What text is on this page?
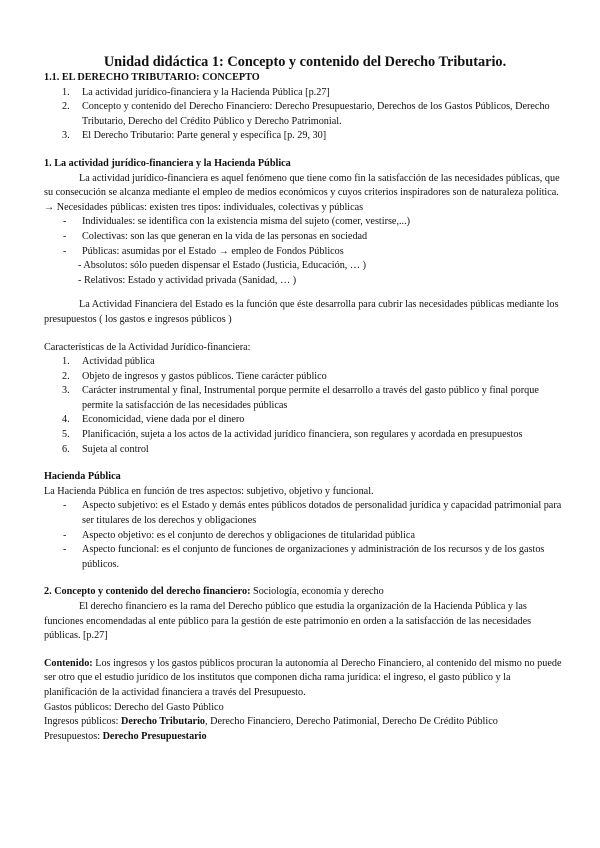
Unidad didáctica 1: Concepto y contenido del Derecho Tributario.

1.1. EL DERECHO TRIBUTARIO: CONCEPTO

1. La actividad jurídico-financiera y la Hacienda Pública [p.27]
2. Concepto y contenido del Derecho Financiero: Derecho Presupuestario, Derechos de los Gastos Públicos, Derecho Tributario, Derecho del Crédito Público y Derecho Patrimonial.
3. El Derecho Tributario: Parte general y específica [p. 29, 30]

1. La actividad jurídico-financiera y la Hacienda Pública

La actividad jurídico-financiera es aquel fenómeno que tiene como fin la satisfacción de las necesidades públicas, que su consecución se alcanza mediante el empleo de medios económicos y cuyos criterios inspiradores son de naturaleza política.

→ Necesidades públicas: existen tres tipos: individuales, colectivas y públicas

- Individuales: se identifica con la existencia misma del sujeto (comer, vestirse,...)
- Colectivas: son las que generan en la vida de las personas en sociedad
- Públicas: asumidas por el Estado → empleo de Fondos Públicos

- Absolutos: sólo pueden dispensar el Estado (Justicia, Educación, … )

- Relativos: Estado y actividad privada (Sanidad, … )

La Actividad Financiera del Estado es la función que éste desarrolla para cubrir las necesidades públicas mediante los presupuestos ( los gastos e ingresos públicos )

Características de la Actividad Jurídico-financiera:

1. Actividad pública
2. Objeto de ingresos y gastos públicos. Tiene carácter público
3. Carácter instrumental y final, Instrumental porque permite el desarrollo a través del gasto público y final porque permite la satisfacción de las necesidades públicas
4. Economicidad, viene dada por el dinero
5. Planificación, sujeta a los actos de la actividad jurídico financiera, son regulares y acordada en presupuestos
6. Sujeta al control

Hacienda Pública

La Hacienda Pública en función de tres aspectos: subjetivo, objetivo y funcional.

- Aspecto subjetivo: es el Estado y demás entes públicos dotados de personalidad jurídica y capacidad patrimonial para ser titulares de los derechos y obligaciones
- Aspecto objetivo: es el conjunto de derechos y obligaciones de titularidad pública
- Aspecto funcional: es el conjunto de funciones de organizaciones y administración de los recursos y de los gastos públicos.

2. Concepto y contenido del derecho financiero: Sociología, economía y derecho

El derecho financiero es la rama del Derecho público que estudia la organización de la Hacienda Pública y las funciones encomendadas al ente público para la gestión de este patrimonio en orden a la satisfacción de las necesidades públicas. [p.27]

Contenido: Los ingresos y los gastos públicos procuran la autonomía al Derecho Financiero, al contenido del mismo no puede ser otro que el estudio jurídico de los institutos que componen dicha rama jurídica: el ingreso, el gasto público y la planificación de la actividad financiera a través del Presupuesto.

Gastos públicos: Derecho del Gasto Público

Ingresos públicos: Derecho Tributario, Derecho Financiero, Derecho Patimonial, Derecho De Crédito Público

Presupuestos: Derecho Presupuestario
